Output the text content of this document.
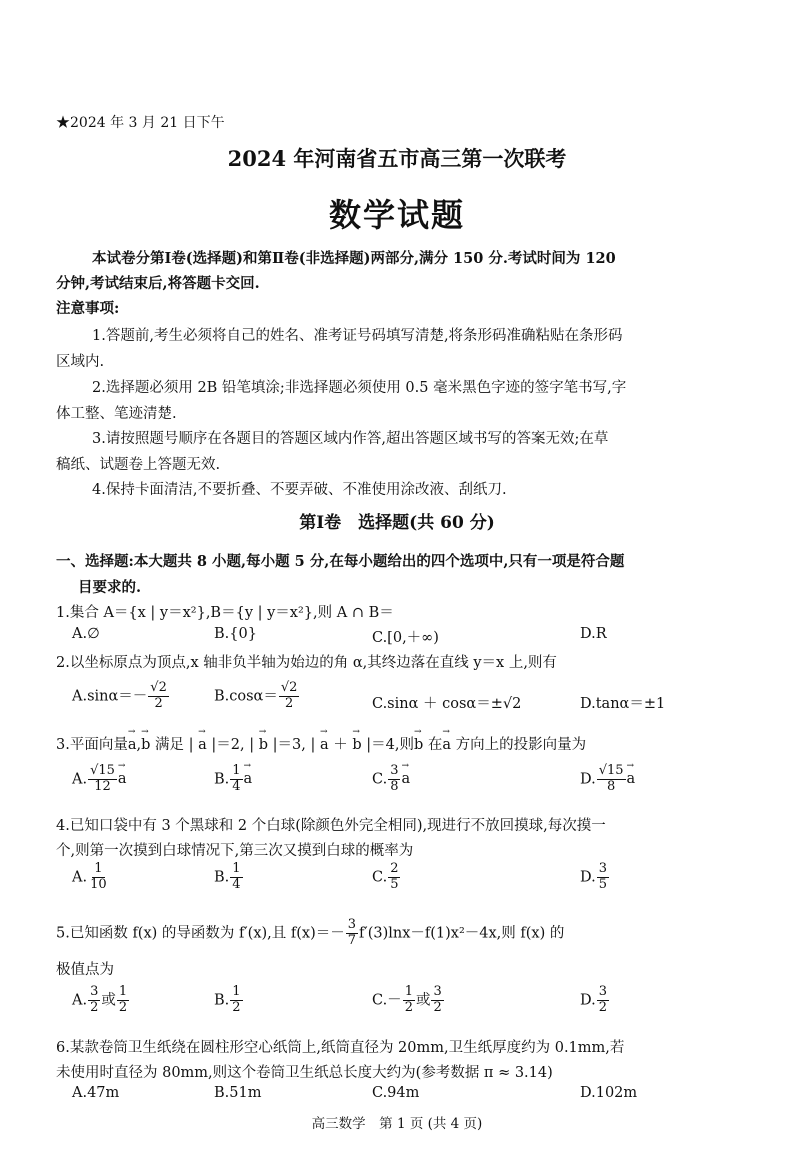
★2024 年 3 月 21 日下午
2024 年河南省五市高三第一次联考
数学试题
本试卷分第Ⅰ卷(选择题)和第Ⅱ卷(非选择题)两部分,满分 150 分.考试时间为 120
分钟,考试结束后,将答题卡交回.
注意事项:
1.答题前,考生必须将自己的姓名、准考证号码填写清楚,将条形码准确粘贴在条形码
区域内.
2.选择题必须用 2B 铅笔填涂;非选择题必须使用 0.5 毫米黑色字迹的签字笔书写,字
体工整、笔迹清楚.
3.请按照题号顺序在各题目的答题区域内作答,超出答题区域书写的答案无效;在草
稿纸、试题卷上答题无效.
4.保持卡面清洁,不要折叠、不要弄破、不准使用涂改液、刮纸刀.
第Ⅰ卷　选择题(共 60 分)
一、选择题:本大题共 8 小题,每小题 5 分,在每小题给出的四个选项中,只有一项是符合题
目要求的.
1.集合 A＝{x | y＝x²},B＝{y | y＝x²},则 A ∩ B＝
A.∅	B.{0}	C.[0,＋∞)	D.R
2.以坐标原点为顶点,x 轴非负半轴为始边的角 α,其终边落在直线 y＝x 上,则有
$A.\sin\alpha=- \frac{√2}{2}$	$B.\cos\alpha= \frac{√2}{2}$	C.sinα ＋ cosα＝±√2	D.tanα＝±1
3.平面向量→ a,→ b 满足 | → a |＝2, | → b |＝3, | → a ＋ → b |＝4,则→ b 在→ a 方向上的投影向量为
A. $\frac{√15}{12}$
→ a	B. $\frac{1}{4}$
→ a	C. $\frac{3}{8}$
→ a	D. $\frac{√15}{8}$
→ a
4.已知口袋中有 3 个黑球和 2 个白球(除颜色外完全相同),现进行不放回摸球,每次摸一
个,则第一次摸到白球情况下,第三次又摸到白球的概率为
A. $\frac{1}{10}$	B. $\frac{1}{4}$	C. $\frac{2}{5}$	D. $\frac{3}{5}$
5.已知函数 f(x) 的导函数为 f′(x),且 $f(x)=- \frac{3}{7} f'(3)\ln x-f(1)x^2-4x$,则 f(x) 的
极值点为
A. $\frac{3}{2}$ 或 $\frac{1}{2}$	B. $\frac{1}{2}$	$C.- \frac{1}{2}$ 或 $\frac{3}{2}$	D. $\frac{3}{2}$
6.某款卷筒卫生纸绕在圆柱形空心纸筒上,纸筒直径为 20mm,卫生纸厚度约为 0.1mm,若
未使用时直径为 80mm,则这个卷筒卫生纸总长度大约为(参考数据 π ≈ 3.14)
A.47m	B.51m	C.94m	D.102m
高三数学　第 1 页 (共 4 页)
